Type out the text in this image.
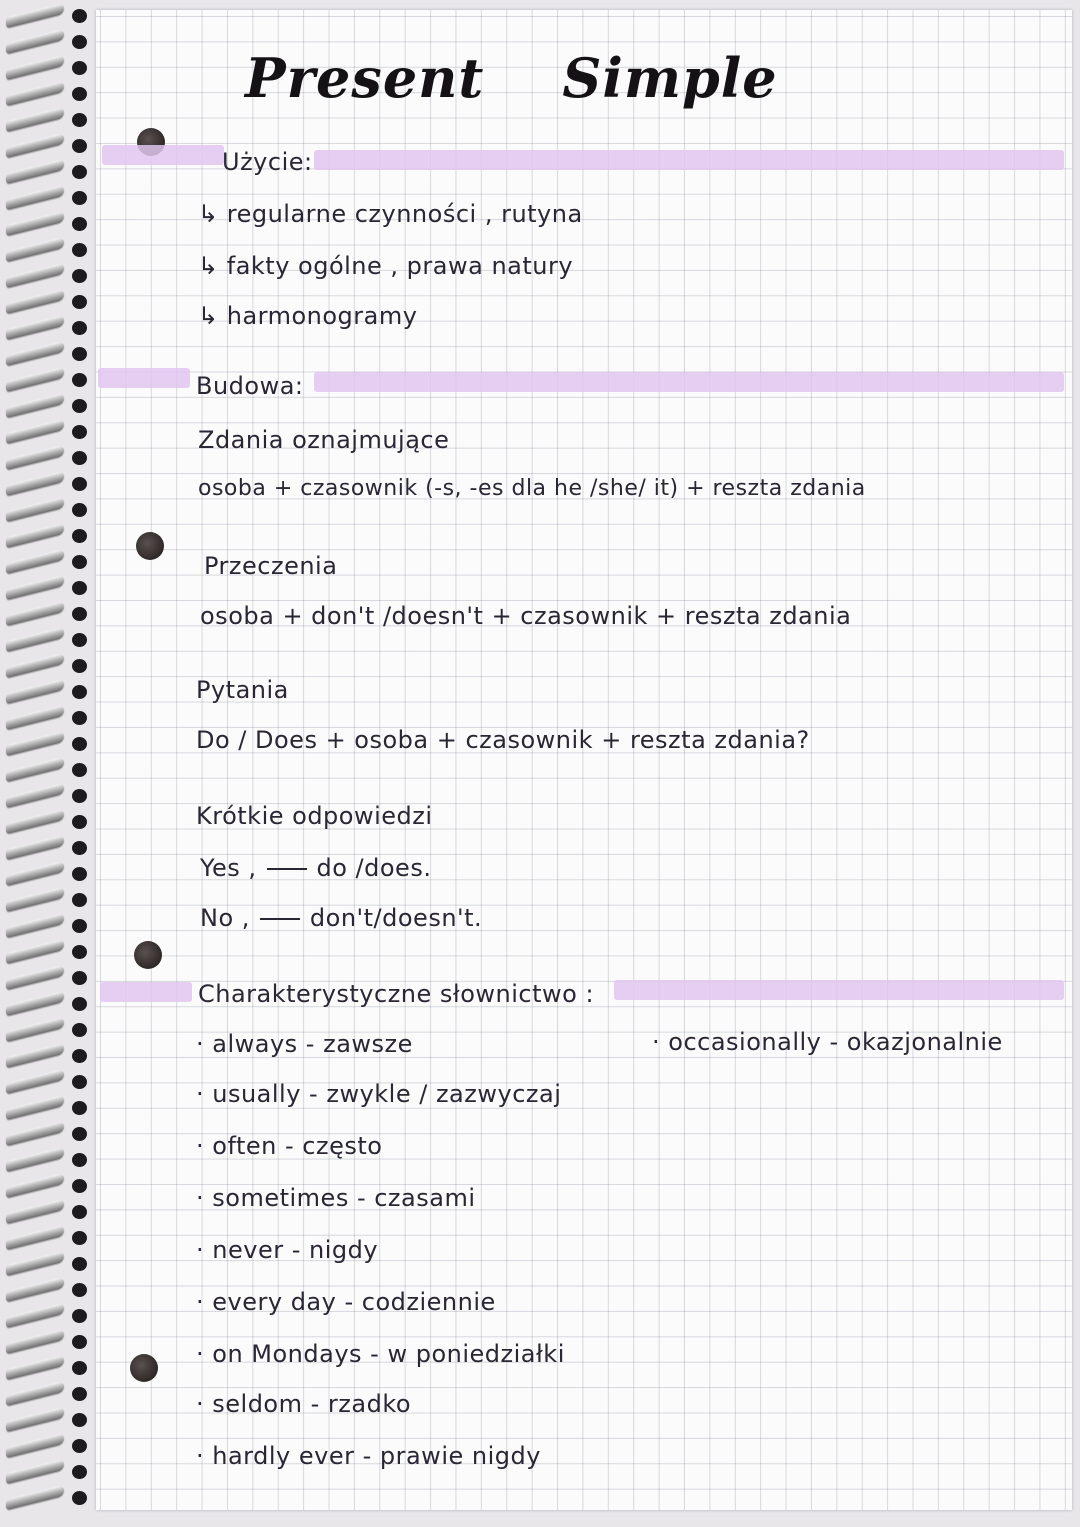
Present Simple
Użycie:
↳ regularne czynności , rutyna
↳ fakty ogólne , prawa natury
↳ harmonogramy
Budowa:
Zdania oznajmujące
osoba + czasownik (-s, -es dla he /she/ it) + reszta zdania
Przeczenia
osoba + don't /doesn't + czasownik + reszta zdania
Pytania
Do / Does + osoba + czasownik + reszta zdania?
Krótkie odpowiedzi
Yes ,	do /does.
No ,	don't/doesn't.
Charakterystyczne słownictwo :
· always - zawsze
· usually - zwykle / zazwyczaj
· often - często
· sometimes - czasami
· never - nigdy
· every day - codziennie
· on Mondays - w poniedziałki
· seldom - rzadko
· hardly ever - prawie nigdy
· occasionally - okazjonalnie
